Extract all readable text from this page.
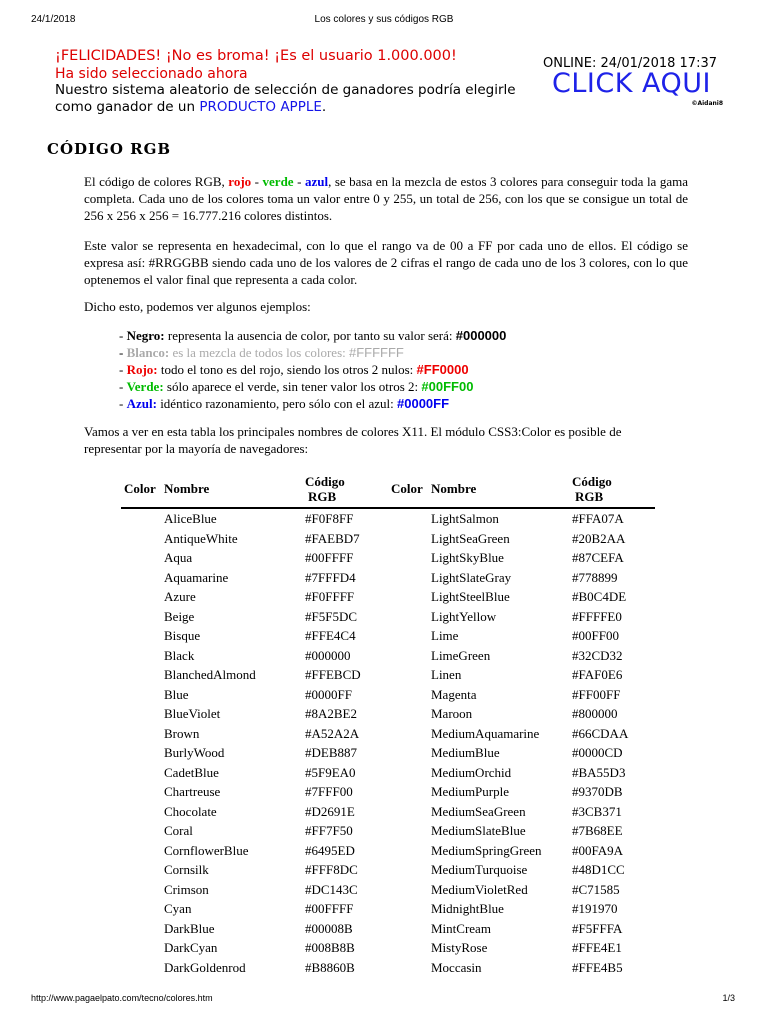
24/1/2018	Los colores y sus códigos RGB
¡FELICIDADES! ¡No es broma! ¡Es el usuario 1.000.000!
Ha sido seleccionado ahora
Nuestro sistema aleatorio de selección de ganadores podría elegirle como ganador de un PRODUCTO APPLE.
ONLINE: 24/01/2018 17:37
CLICK AQUI
©Aidani8
CÓDIGO RGB
El código de colores RGB, rojo - verde - azul, se basa en la mezcla de estos 3 colores para conseguir toda la gama completa. Cada uno de los colores toma un valor entre 0 y 255, un total de 256, con los que se consigue un total de 256 x 256 x 256 = 16.777.216 colores distintos.
Este valor se representa en hexadecimal, con lo que el rango va de 00 a FF por cada uno de ellos. El código se expresa así: #RRGGBB siendo cada uno de los valores de 2 cifras el rango de cada uno de los 3 colores, con lo que optenemos el valor final que representa a cada color.
Dicho esto, podemos ver algunos ejemplos:
- Negro: representa la ausencia de color, por tanto su valor será: #000000
- Blanco: es la mezcla de todos los colores: #FFFFFF
- Rojo: todo el tono es del rojo, siendo los otros 2 nulos: #FF0000
- Verde: sólo aparece el verde, sin tener valor los otros 2: #00FF00
- Azul: idéntico razonamiento, pero sólo con el azul: #0000FF
Vamos a ver en esta tabla los principales nombres de colores X11. El módulo CSS3:Color es posible de representar por la mayoría de navegadores:
Color	Nombre	Código
RGB	Color	Nombre	Código
RGB
	AliceBlue	#F0F8FF		LightSalmon	#FFA07A
	AntiqueWhite	#FAEBD7		LightSeaGreen	#20B2AA
	Aqua	#00FFFF		LightSkyBlue	#87CEFA
	Aquamarine	#7FFFD4		LightSlateGray	#778899
	Azure	#F0FFFF		LightSteelBlue	#B0C4DE
	Beige	#F5F5DC		LightYellow	#FFFFE0
	Bisque	#FFE4C4		Lime	#00FF00
	Black	#000000		LimeGreen	#32CD32
	BlanchedAlmond	#FFEBCD		Linen	#FAF0E6
	Blue	#0000FF		Magenta	#FF00FF
	BlueViolet	#8A2BE2		Maroon	#800000
	Brown	#A52A2A		MediumAquamarine	#66CDAA
	BurlyWood	#DEB887		MediumBlue	#0000CD
	CadetBlue	#5F9EA0		MediumOrchid	#BA55D3
	Chartreuse	#7FFF00		MediumPurple	#9370DB
	Chocolate	#D2691E		MediumSeaGreen	#3CB371
	Coral	#FF7F50		MediumSlateBlue	#7B68EE
	CornflowerBlue	#6495ED		MediumSpringGreen	#00FA9A
	Cornsilk	#FFF8DC		MediumTurquoise	#48D1CC
	Crimson	#DC143C		MediumVioletRed	#C71585
	Cyan	#00FFFF		MidnightBlue	#191970
	DarkBlue	#00008B		MintCream	#F5FFFA
	DarkCyan	#008B8B		MistyRose	#FFE4E1
	DarkGoldenrod	#B8860B		Moccasin	#FFE4B5
http://www.pagaelpato.com/tecno/colores.htm	1/3
